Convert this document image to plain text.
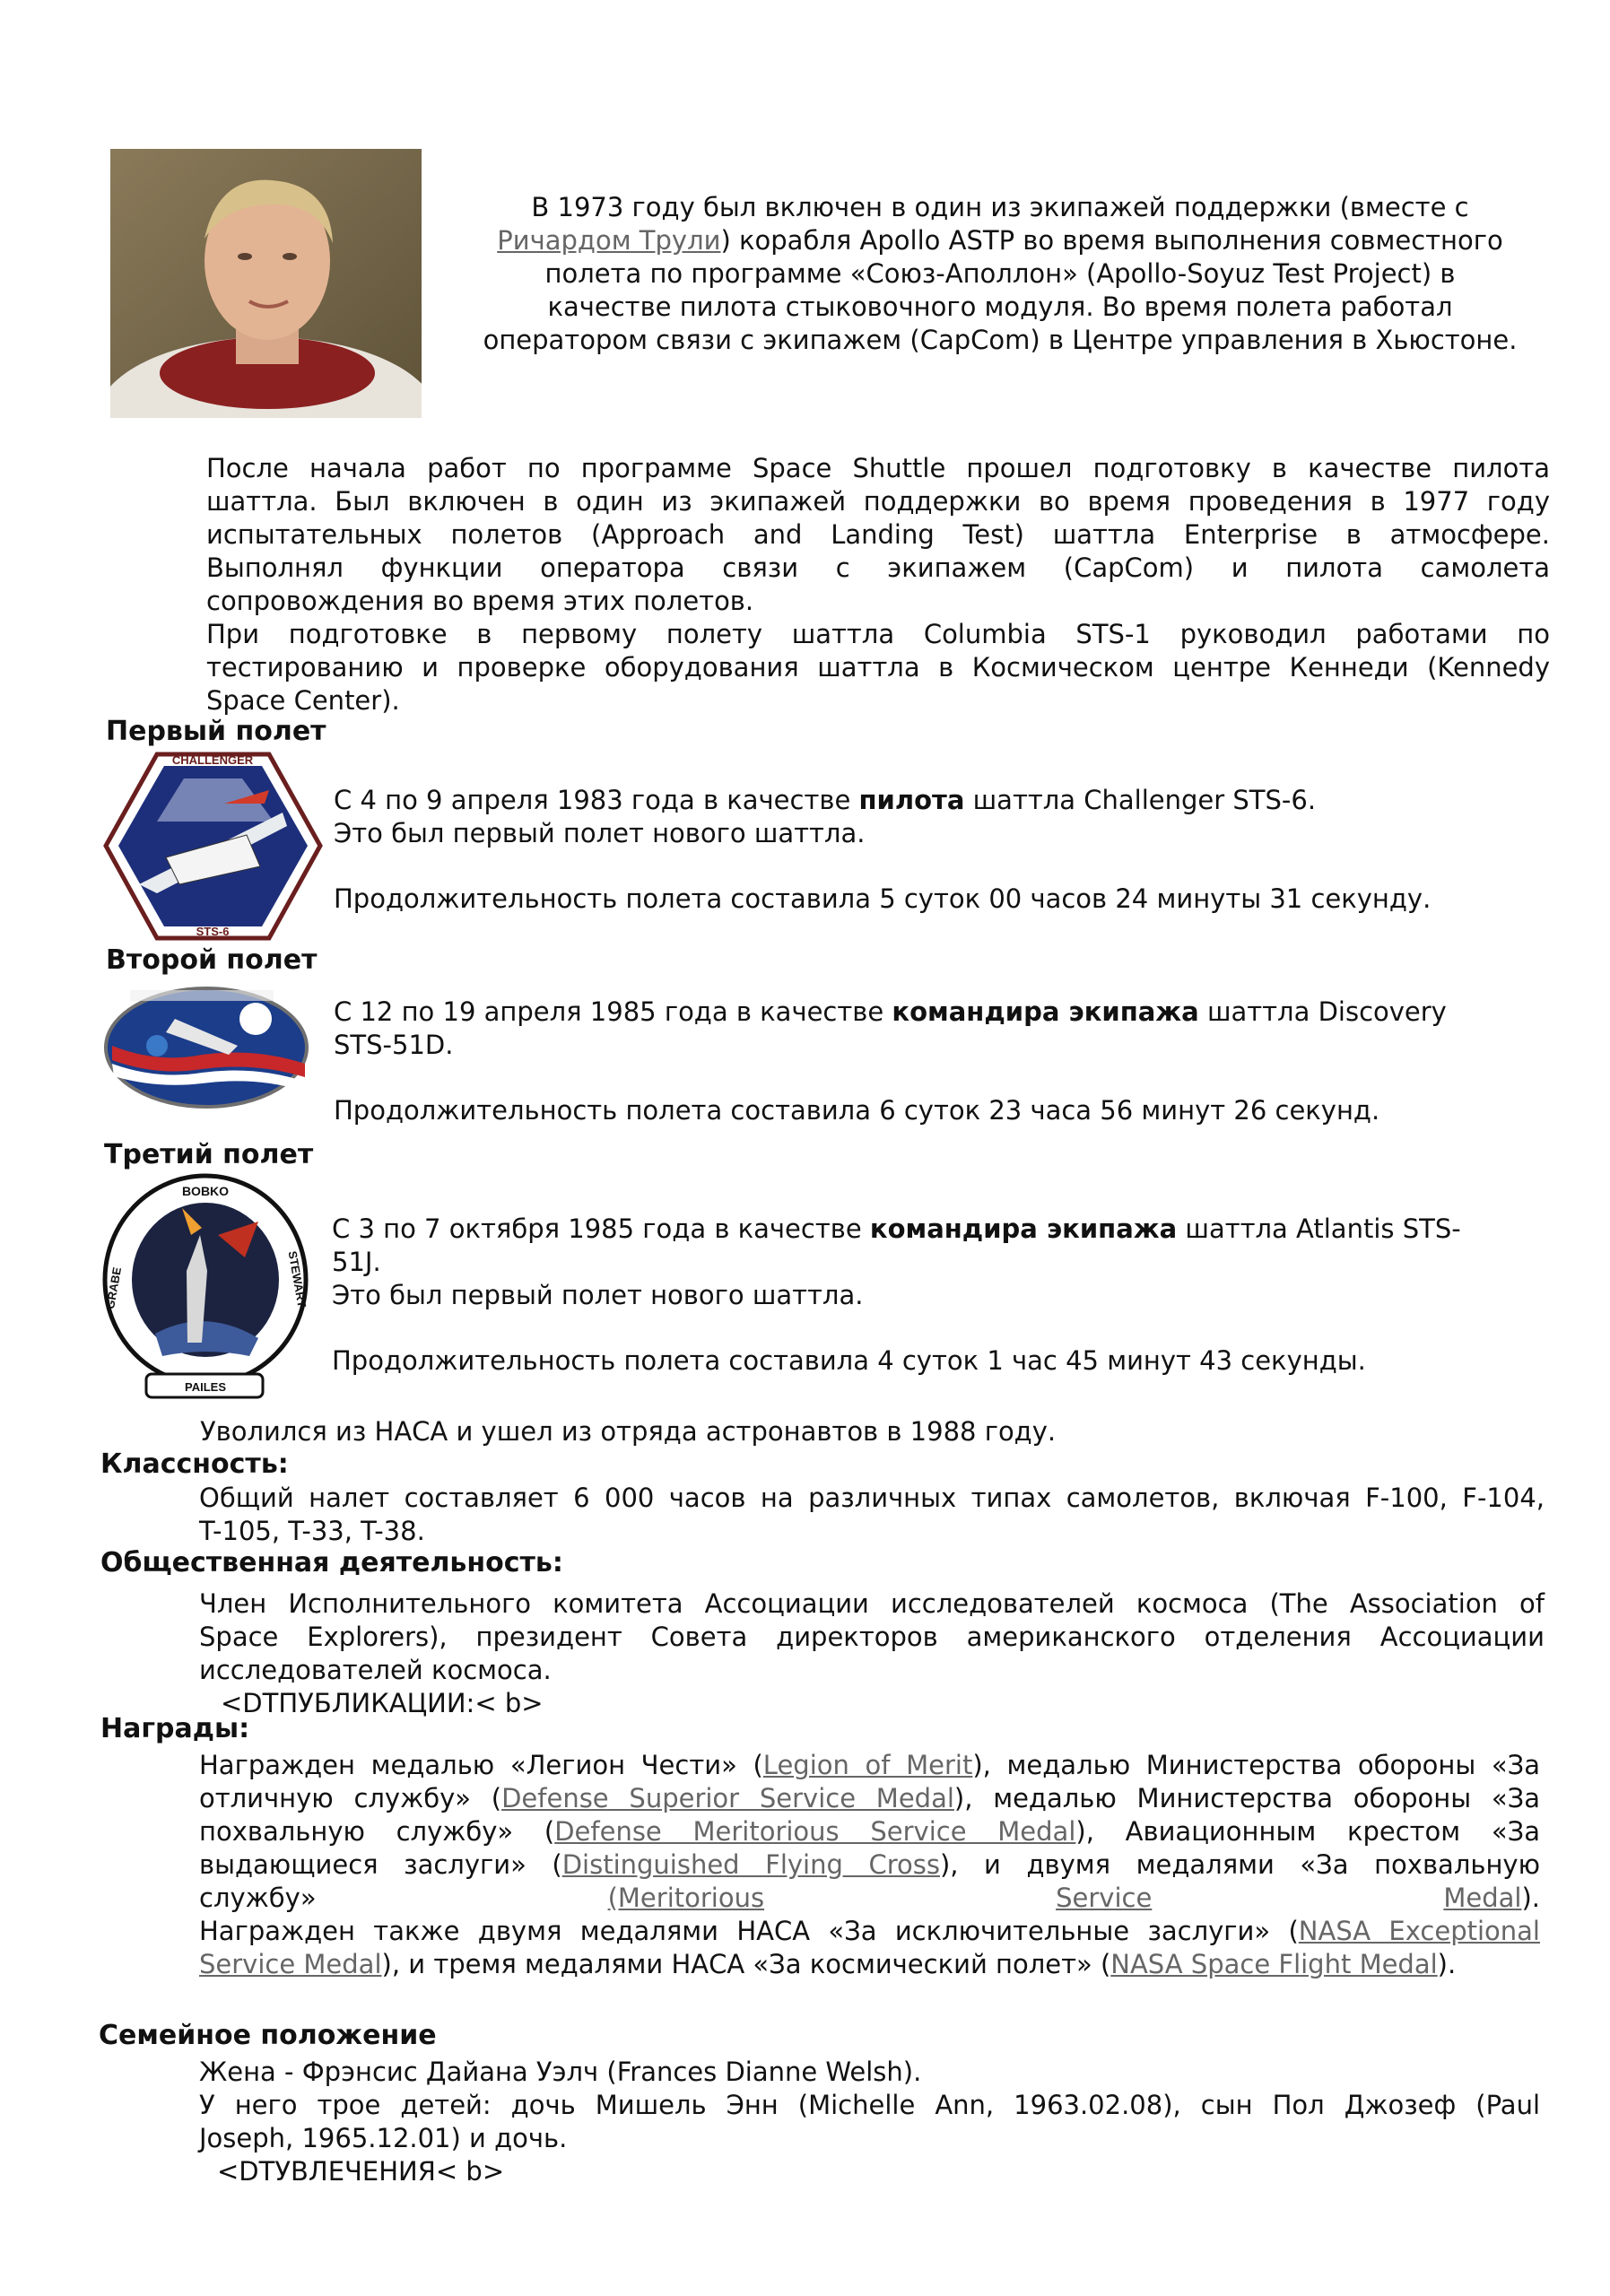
В 1973 году был включен в один из экипажей поддержки (вместе с

Ричардом Трули) корабля Apollo ASTP во время выполнения совместного

полета по программе «Союз-Аполлон» (Apollo-Soyuz Test Project) в

качестве пилота стыковочного модуля. Во время полета работал

оператором связи с экипажем (CapCom) в Центре управления в Хьюстоне.

После начала работ по программе Space Shuttle прошел подготовку в качестве пилота

шаттла. Был включен в один из экипажей поддержки во время проведения в 1977 году

испытательных полетов (Approach and Landing Test) шаттла Enterprise в атмосфере.

Выполнял функции оператора связи с экипажем (CapCom) и пилота самолета

сопровождения во время этих полетов.

При подготовке в первому полету шаттла Columbia STS-1 руководил работами по

тестированию и проверке оборудования шаттла в Космическом центре Кеннеди (Kennedy

Space Center).

Первый полет

CHALLENGER
STS-6

С 4 по 9 апреля 1983 года в качестве пилота шаттла Challenger STS-6.

Это был первый полет нового шаттла.

Продолжительность полета составила 5 суток 00 часов 24 минуты 31 секунду.

Второй полет

С 12 по 19 апреля 1985 года в качестве командира экипажа шаттла Discovery

STS-51D.

Продолжительность полета составила 6 суток 23 часа 56 минут 26 секунд.

Третий полет

BOBKO
GRABE	STEWART
PAILES

С 3 по 7 октября 1985 года в качестве командира экипажа шаттла Atlantis STS-

51J.

Это был первый полет нового шаттла.

Продолжительность полета составила 4 суток 1 час 45 минут 43 секунды.

Уволился из НАСА и ушел из отряда астронавтов в 1988 году.

Классность:

Общий налет составляет 6 000 часов на различных типах самолетов, включая F-100, F-104,

T-105, T-33, T-38.

Общественная деятельность:

Член Исполнительного комитета Ассоциации исследователей космоса (The Association of

Space Explorers), президент Совета директоров американского отделения Ассоциации

исследователей космоса.

<DTПУБЛИКАЦИИ:< b>

Награды:

Награжден медалью «Легион Чести» (Legion of Merit), медалью Министерства обороны «За

отличную службу» (Defense Superior Service Medal), медалью Министерства обороны «За

похвальную службу» (Defense Meritorious Service Medal), Авиационным крестом «За

выдающиеся заслуги» (Distinguished Flying Cross), и двумя медалями «За похвальную

службу»	(Meritorious	Service	Medal).

Награжден также двумя медалями НАСА «За исключительные заслуги» (NASA Exceptional

Service Medal), и тремя медалями НАСА «За космический полет» (NASA Space Flight Medal).

Семейное положение

Жена - Фрэнсис Дайана Уэлч (Frances Dianne Welsh).

У него трое детей: дочь Мишель Энн (Michelle Ann, 1963.02.08), сын Пол Джозеф (Paul

Joseph, 1965.12.01) и дочь.

<DTУВЛЕЧЕНИЯ< b>
